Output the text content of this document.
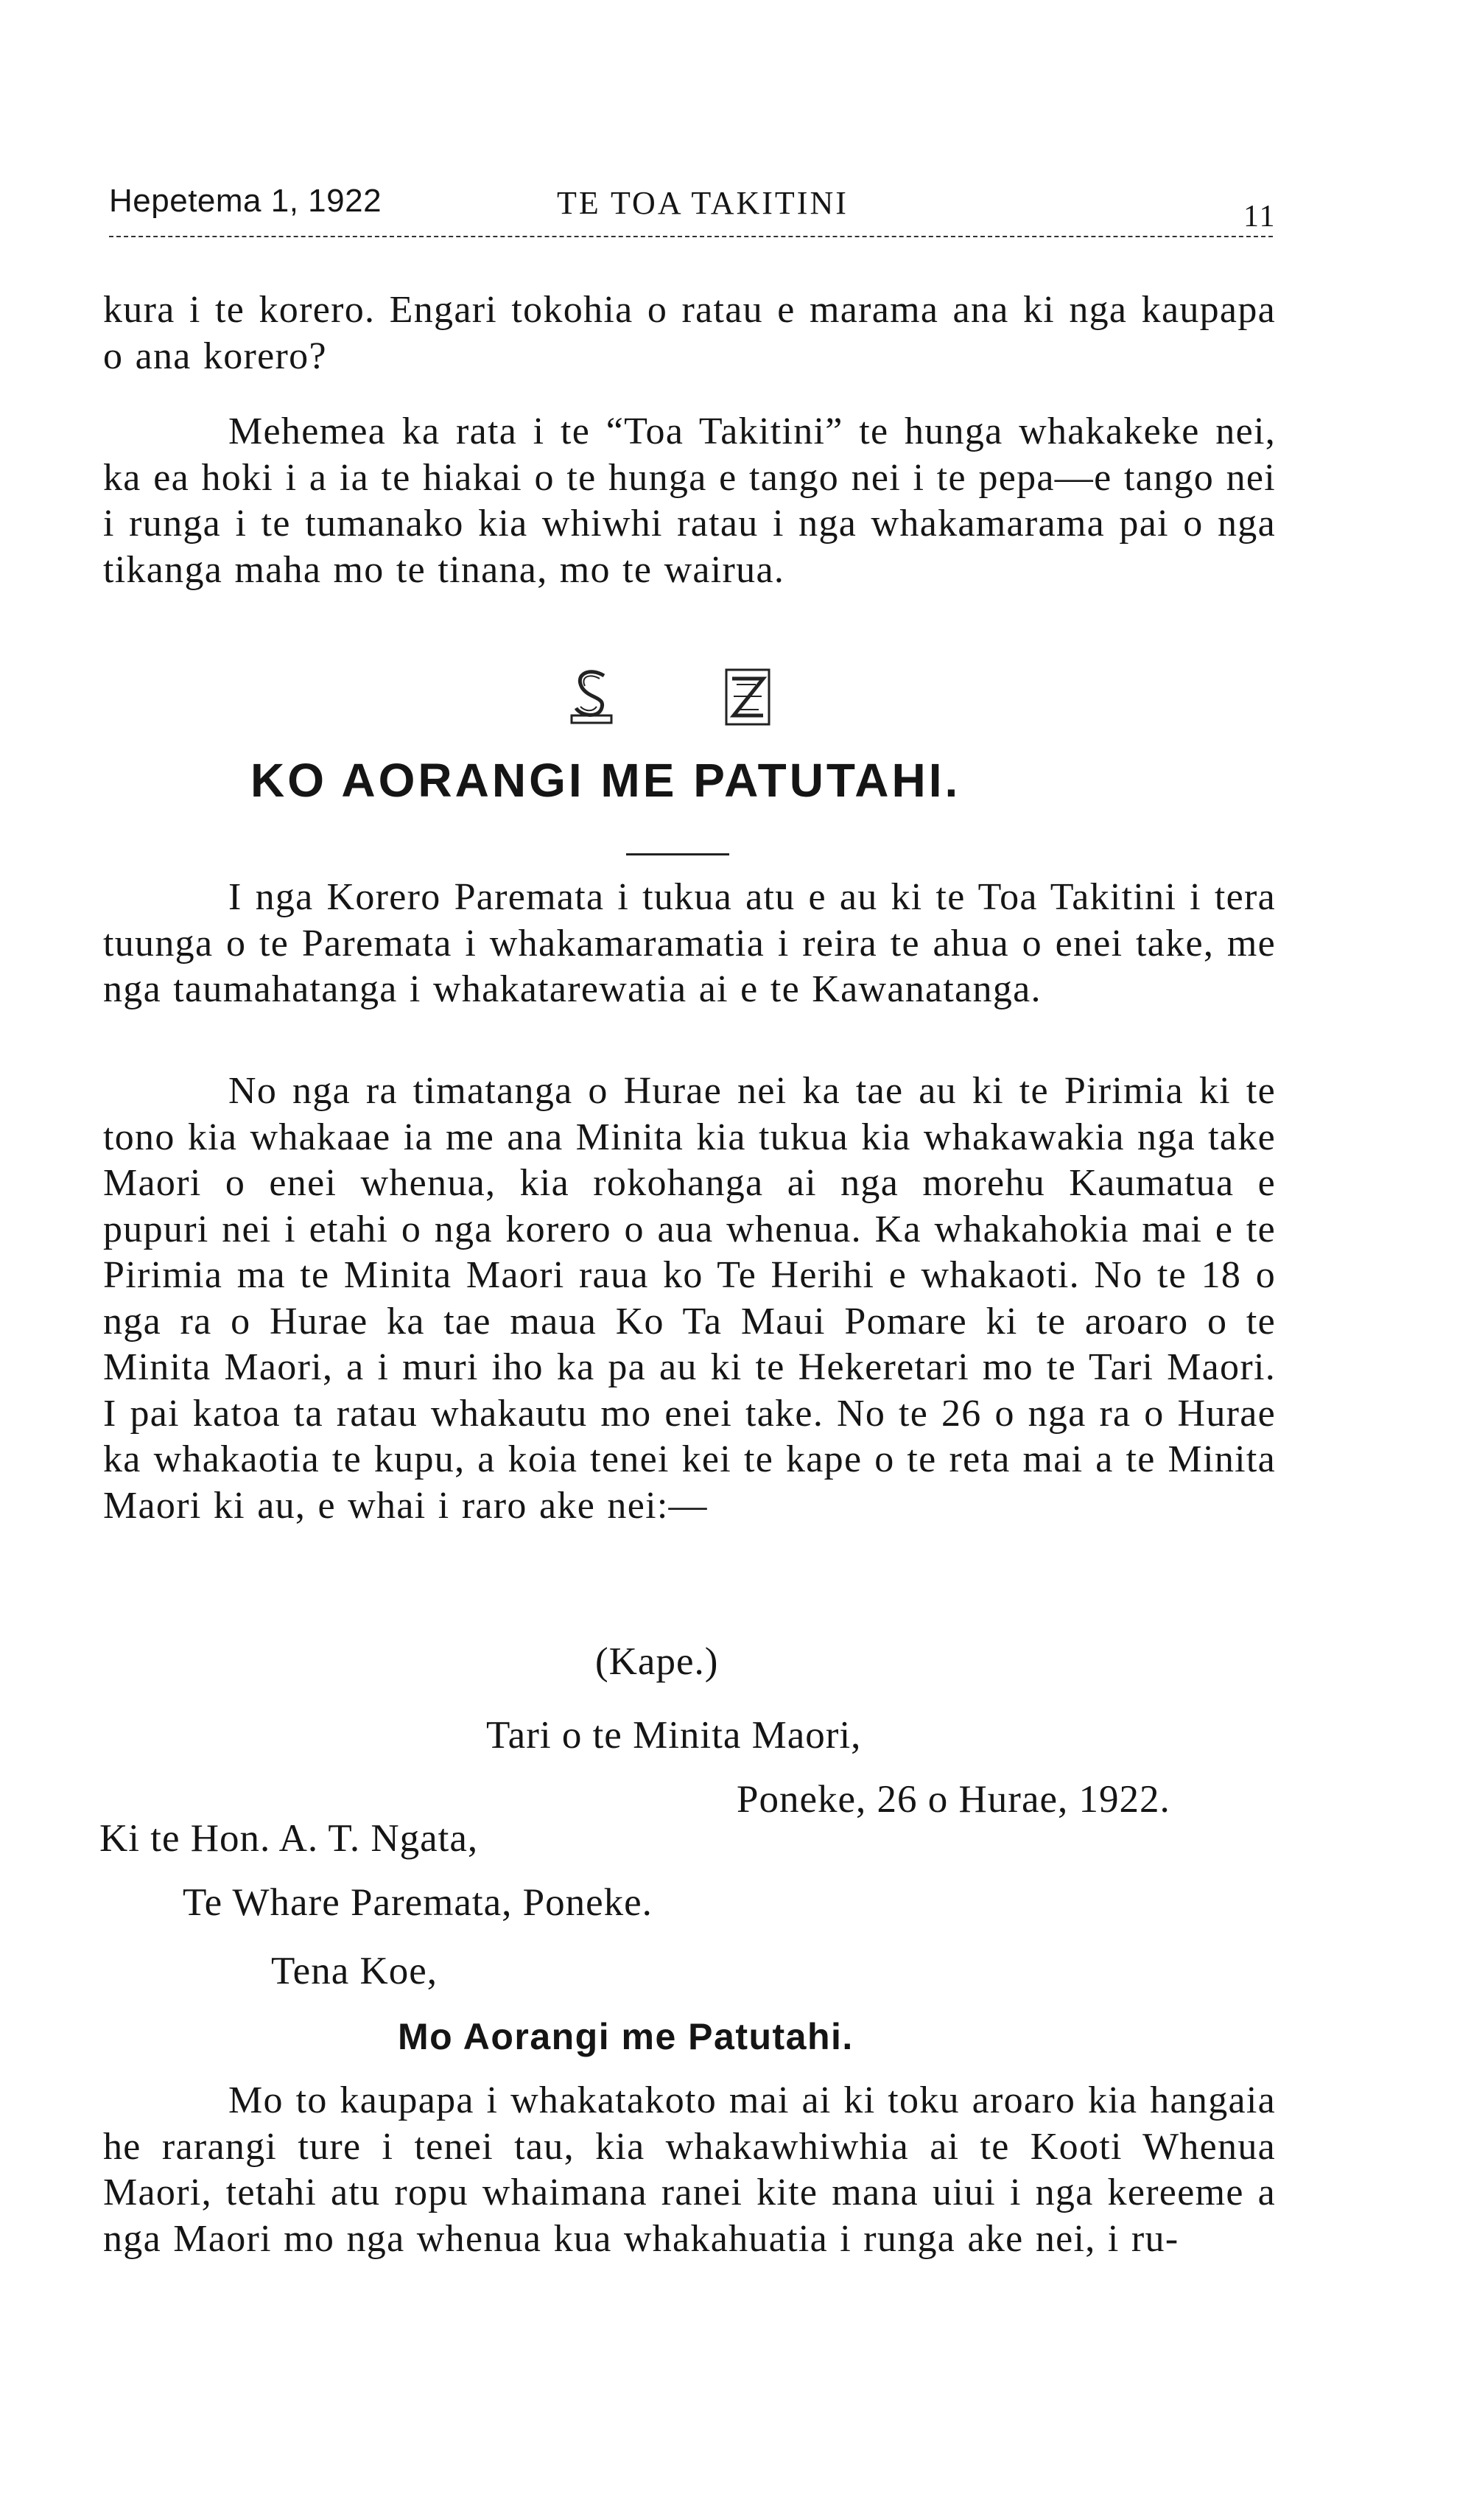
Hepetema 1, 1922	TE TOA TAKITINI	11

kura i te korero. Engari tokohia o ratau e marama ana ki nga kaupapa o ana korero?

Mehemea ka rata i te “Toa Takitini” te hunga whakakeke nei, ka ea hoki i a ia te hiakai o te hunga e tango nei i te pepa—e tango nei i runga i te tumanako kia whiwhi ratau i nga whakamarama pai o nga tikanga maha mo te tinana, mo te wairua.

KO AORANGI ME PATUTAHI.

I nga Korero Paremata i tukua atu e au ki te Toa Takitini i tera tuunga o te Paremata i whakamaramatia i reira te ahua o enei take, me nga taumahatanga i whakatarewatia ai e te Kawanatanga.

No nga ra timatanga o Hurae nei ka tae au ki te Pirimia ki te tono kia whakaae ia me ana Minita kia tukua kia whakawakia nga take Maori o enei whenua, kia rokohanga ai nga morehu Kaumatua e pupuri nei i etahi o nga korero o aua whenua. Ka whakahokia mai e te Pirimia ma te Minita Maori raua ko Te Herihi e whakaoti. No te 18 o nga ra o Hurae ka tae maua Ko Ta Maui Pomare ki te aroaro o te Minita Maori, a i muri iho ka pa au ki te Hekeretari mo te Tari Maori. I pai katoa ta ratau whakautu mo enei take. No te 26 o nga ra o Hurae ka whakaotia te kupu, a koia tenei kei te kape o te reta mai a te Minita Maori ki au, e whai i raro ake nei:—

(Kape.)
Tari o te Minita Maori,
Poneke, 26 o Hurae, 1922.
Ki te Hon. A. T. Ngata,
Te Whare Paremata, Poneke.
Tena Koe,
Mo Aorangi me Patutahi.

Mo to kaupapa i whakatakoto mai ai ki toku aroaro kia hangaia he rarangi ture i tenei tau, kia whakawhiwhia ai te Kooti Whenua Maori, tetahi atu ropu whaimana ranei kite mana uiui i nga kereeme a nga Maori mo nga whenua kua whakahuatia i runga ake nei, i ru-
